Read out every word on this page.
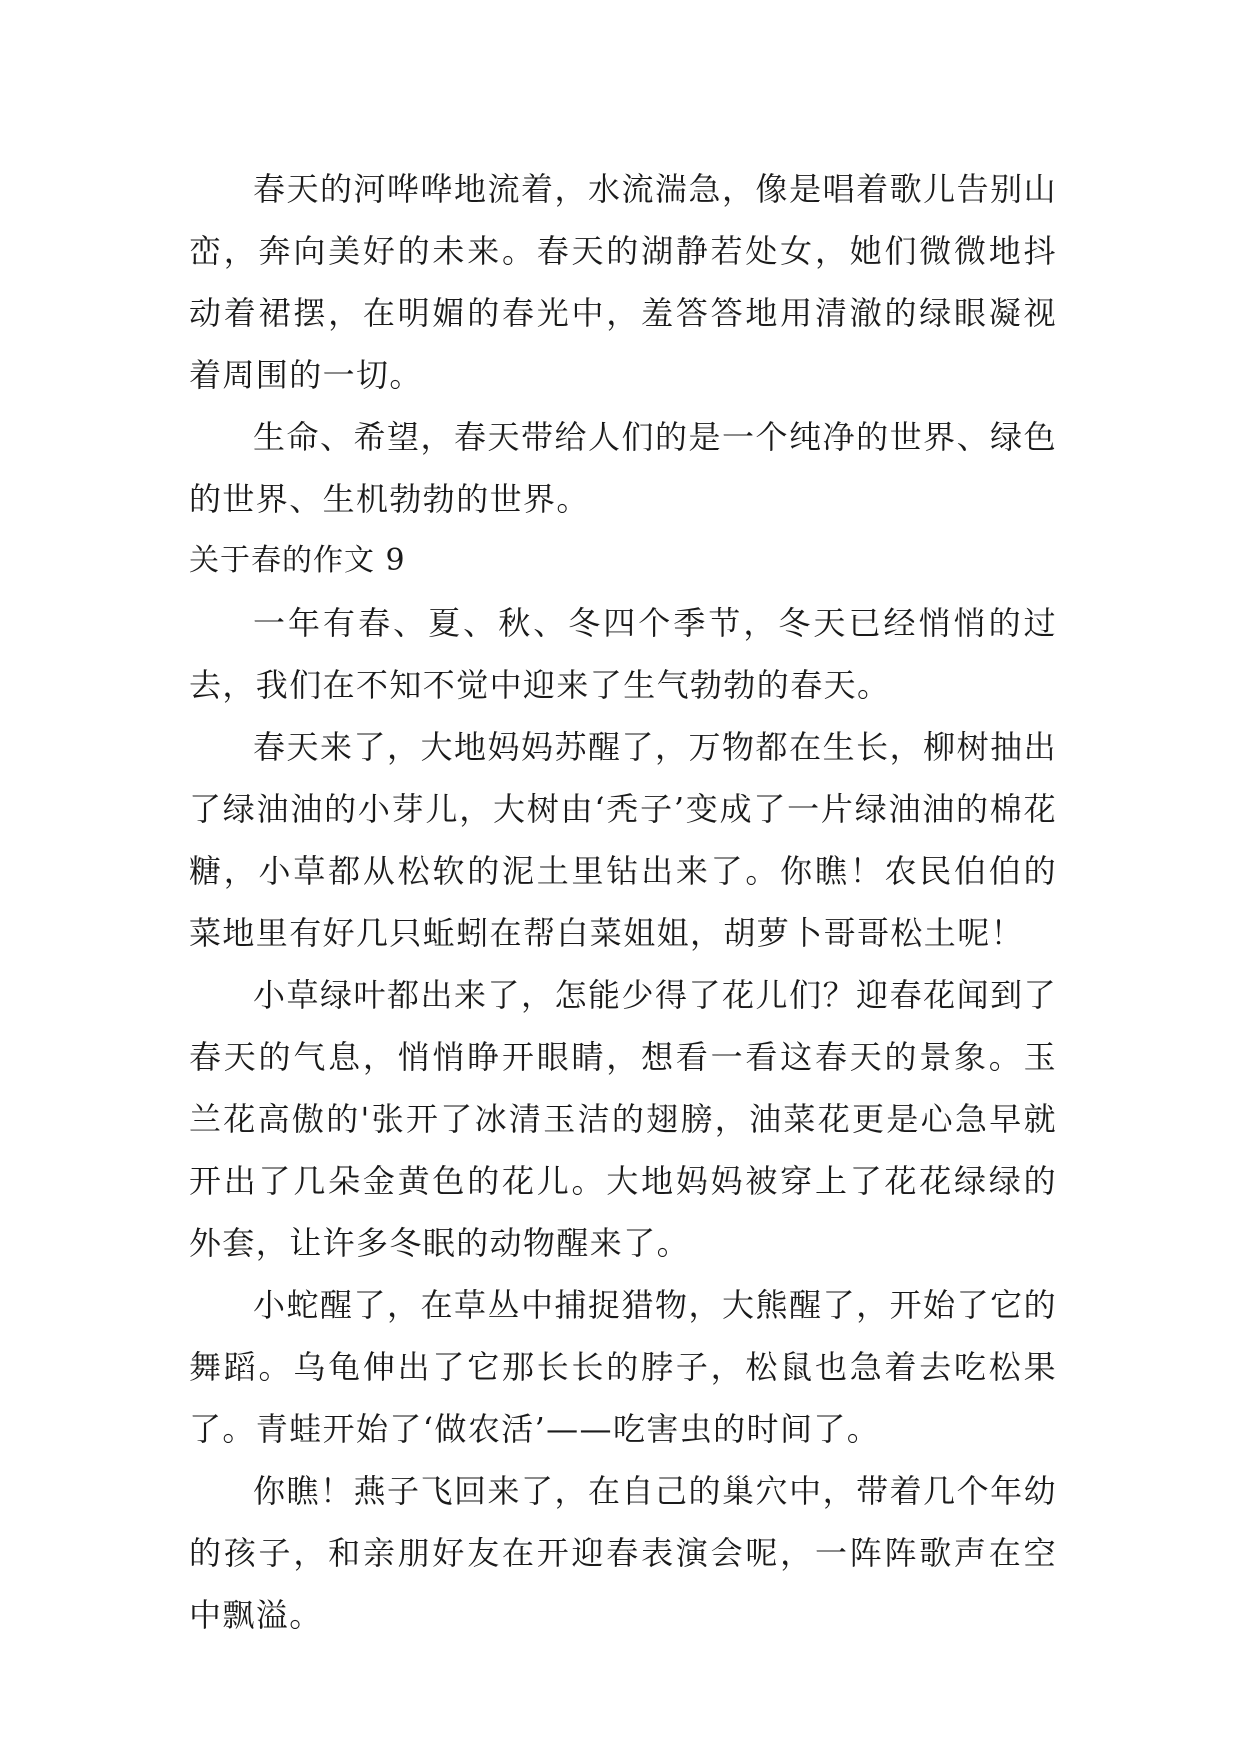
春天的河哗哗地流着，水流湍急，像是唱着歌儿告别山峦，奔向美好的未来。春天的湖静若处女，她们微微地抖动着裙摆，在明媚的春光中，羞答答地用清澈的绿眼凝视着周围的一切。

生命、希望，春天带给人们的是一个纯净的世界、绿色的世界、生机勃勃的世界。

关于春的作文 9

一年有春、夏、秋、冬四个季节，冬天已经悄悄的过去，我们在不知不觉中迎来了生气勃勃的春天。

春天来了，大地妈妈苏醒了，万物都在生长，柳树抽出了绿油油的小芽儿，大树由‘秃子’变成了一片绿油油的棉花糖，小草都从松软的泥土里钻出来了。你瞧！农民伯伯的菜地里有好几只蚯蚓在帮白菜姐姐，胡萝卜哥哥松土呢！

小草绿叶都出来了，怎能少得了花儿们？迎春花闻到了春天的气息，悄悄睁开眼睛，想看一看这春天的景象。玉兰花高傲的'张开了冰清玉洁的翅膀，油菜花更是心急早就开出了几朵金黄色的花儿。大地妈妈被穿上了花花绿绿的外套，让许多冬眠的动物醒来了。

小蛇醒了，在草丛中捕捉猎物，大熊醒了，开始了它的舞蹈。乌龟伸出了它那长长的脖子，松鼠也急着去吃松果了。青蛙开始了‘做农活’——吃害虫的时间了。

你瞧！燕子飞回来了，在自己的巢穴中，带着几个年幼的孩子，和亲朋好友在开迎春表演会呢，一阵阵歌声在空中飘溢。
